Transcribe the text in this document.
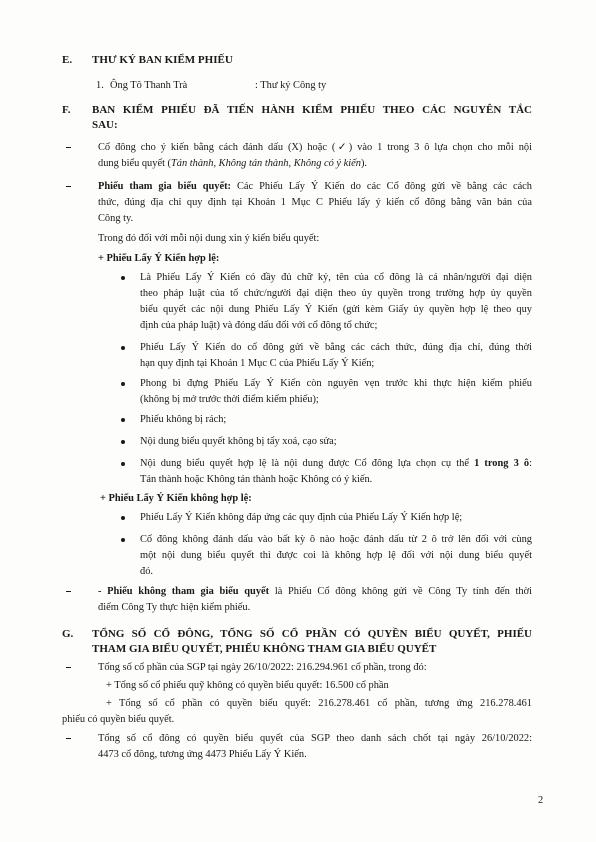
E. THƯ KÝ BAN KIỂM PHIẾU
1. Ông Tô Thanh Trà	: Thư ký Công ty
F. BAN KIỂM PHIẾU ĐÃ TIẾN HÀNH KIỂM PHIẾU THEO CÁC NGUYÊN TẮC
SAU:
Cổ đông cho ý kiến bằng cách đánh dấu (X) hoặc (✓) vào 1 trong 3 ô lựa chọn cho mỗi nội
dung biểu quyết (Tán thành, Không tán thành, Không có ý kiến).
Phiếu tham gia biểu quyết: Các Phiếu Lấy Ý Kiến do các Cổ đông gửi về bằng các cách
thức, đúng địa chỉ quy định tại Khoản 1 Mục C Phiếu lấy ý kiến cổ đông bằng văn bản của
Công ty.
Trong đó đối với mỗi nội dung xin ý kiến biểu quyết:
+ Phiếu Lấy Ý Kiến hợp lệ:
Là Phiếu Lấy Ý Kiến có đầy đủ chữ ký, tên của cổ đông là cá nhân/người đại diện
theo pháp luật của tổ chức/người đại diện theo ủy quyền trong trường hợp ủy quyền
biểu quyết các nội dung Phiếu Lấy Ý Kiến (gửi kèm Giấy ủy quyền hợp lệ theo quy
định của pháp luật) và đóng dấu đối với cổ đông tổ chức;
Phiếu Lấy Ý Kiến do cổ đông gửi về bằng các cách thức, đúng địa chỉ, đúng thời
hạn quy định tại Khoản 1 Mục C của Phiếu Lấy Ý Kiến;
Phong bì đựng Phiếu Lấy Ý Kiến còn nguyên vẹn trước khi thực hiện kiểm phiếu
(không bị mở trước thời điểm kiểm phiếu);
Phiếu không bị rách;
Nội dung biểu quyết không bị tẩy xoá, cạo sửa;
Nội dung biểu quyết hợp lệ là nội dung được Cổ đông lựa chọn cụ thể 1 trong 3 ô:
Tán thành hoặc Không tán thành hoặc Không có ý kiến.
+ Phiếu Lấy Ý Kiến không hợp lệ:
Phiếu Lấy Ý Kiến không đáp ứng các quy định của Phiếu Lấy Ý Kiến hợp lệ;
Cổ đông không đánh dấu vào bất kỳ ô nào hoặc đánh dấu từ 2 ô trở lên đối với cùng
một nội dung biểu quyết thì được coi là không hợp lệ đối với nội dung biểu quyết
đó.
- Phiếu không tham gia biểu quyết là Phiếu Cổ đông không gửi về Công Ty tính đến thời
điểm Công Ty thực hiện kiểm phiếu.
G. TỔNG SỐ CỔ ĐÔNG, TỔNG SỐ CỔ PHẦN CÓ QUYỀN BIỂU QUYẾT, PHIẾU
THAM GIA BIỂU QUYẾT, PHIẾU KHÔNG THAM GIA BIỂU QUYẾT
Tổng số cổ phần của SGP tại ngày 26/10/2022: 216.294.961 cổ phần, trong đó:
+ Tổng số cổ phiếu quỹ không có quyền biểu quyết: 16.500 cổ phần
+ Tổng số cổ phần có quyền biểu quyết: 216.278.461 cổ phần, tương ứng 216.278.461
phiếu có quyền biểu quyết.
Tổng số cổ đông có quyền biểu quyết của SGP theo danh sách chốt tại ngày 26/10/2022:
4473 cổ đông, tương ứng 4473 Phiếu Lấy Ý Kiến.
2
